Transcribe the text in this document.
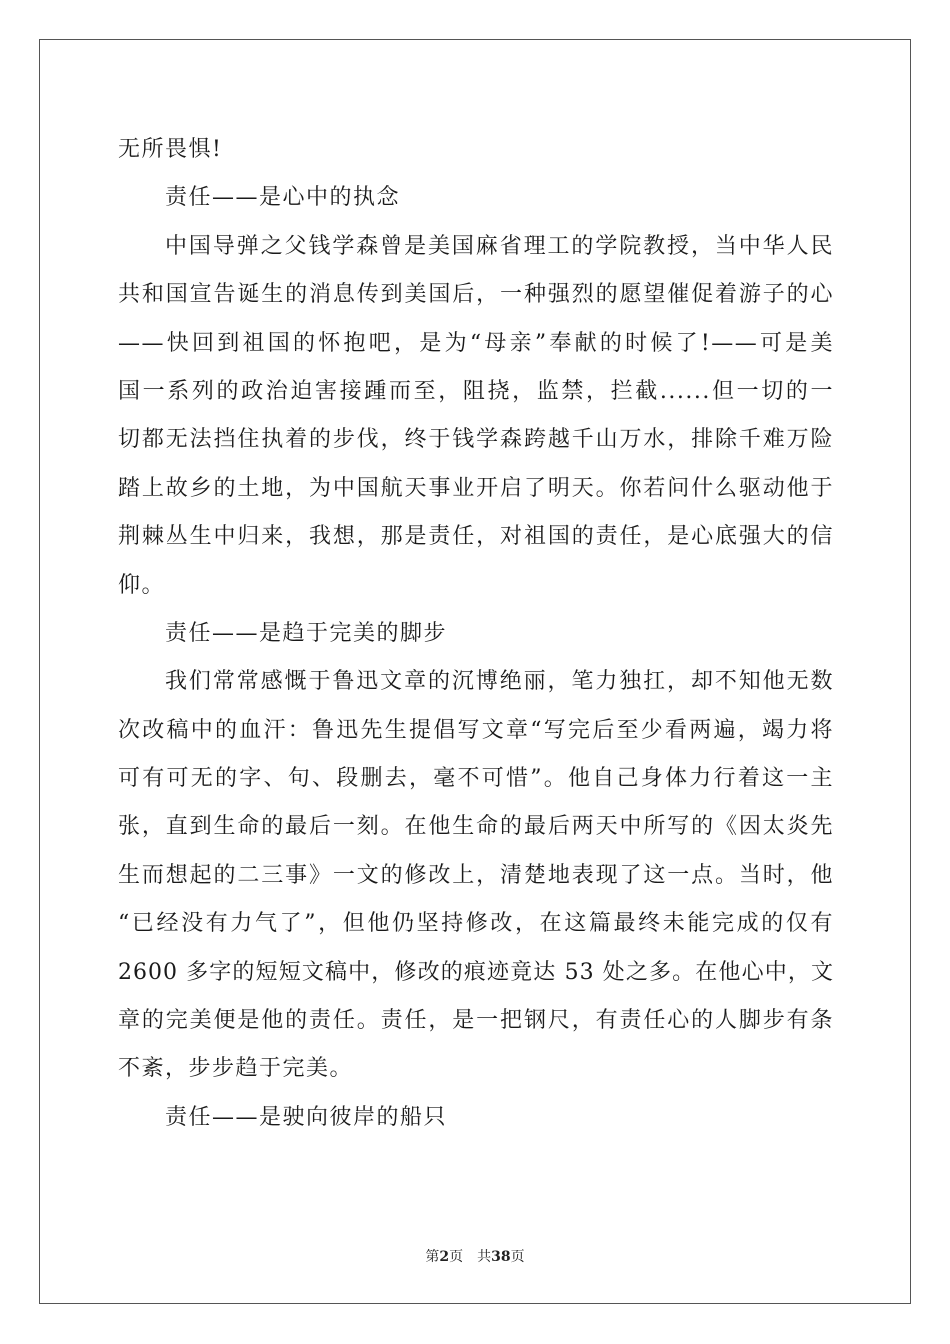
无所畏惧!
责任——是心中的执念
中国导弹之父钱学森曾是美国麻省理工的学院教授，当中华人民
共和国宣告诞生的消息传到美国后，一种强烈的愿望催促着游子的心
——快回到祖国的怀抱吧，是为“母亲”奉献的时候了!——可是美
国一系列的政治迫害接踵而至，阻挠，监禁，拦截......但一切的一
切都无法挡住执着的步伐，终于钱学森跨越千山万水，排除千难万险
踏上故乡的土地，为中国航天事业开启了明天。你若问什么驱动他于
荆棘丛生中归来，我想，那是责任，对祖国的责任，是心底强大的信
仰。
责任——是趋于完美的脚步
我们常常感慨于鲁迅文章的沉博绝丽，笔力独扛，却不知他无数
次改稿中的血汗：鲁迅先生提倡写文章“写完后至少看两遍，竭力将
可有可无的字、句、段删去，毫不可惜”。他自己身体力行着这一主
张，直到生命的最后一刻。在他生命的最后两天中所写的《因太炎先
生而想起的二三事》一文的修改上，清楚地表现了这一点。当时，他
“已经没有力气了”，但他仍坚持修改，在这篇最终未能完成的仅有
2600 多字的短短文稿中，修改的痕迹竟达 53 处之多。在他心中，文
章的完美便是他的责任。责任，是一把钢尺，有责任心的人脚步有条
不紊，步步趋于完美。
责任——是驶向彼岸的船只
第2页 共38页
